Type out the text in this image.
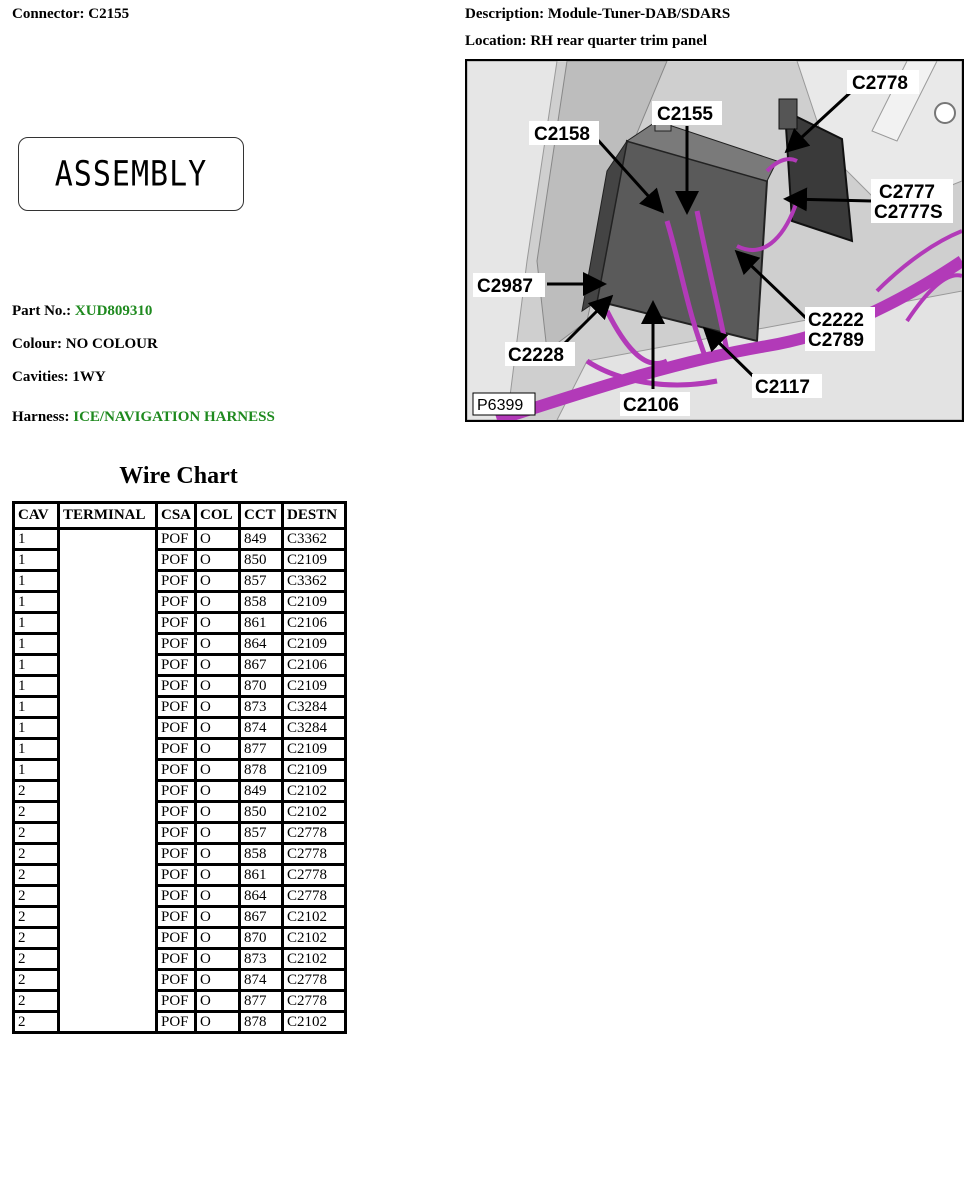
Connector: C2155	Description: Module-Tuner-DAB/SDARS
Location: RH rear quarter trim panel
ASSEMBLY
Part No.: XUD809310
Colour: NO COLOUR
Cavities: 1WY
Harness: ICE/NAVIGATION HARNESS
C2778
C2155
C2158
C2777
C2777S
C2987
C2222
C2789
C2228
C2117
C2106
P6399
Wire Chart
CAV	TERMINAL	CSA	COL	CCT	DESTN
1		POF	O	849	C3362
1		POF	O	850	C2109
1		POF	O	857	C3362
1		POF	O	858	C2109
1		POF	O	861	C2106
1		POF	O	864	C2109
1		POF	O	867	C2106
1		POF	O	870	C2109
1		POF	O	873	C3284
1		POF	O	874	C3284
1		POF	O	877	C2109
1		POF	O	878	C2109
2		POF	O	849	C2102
2		POF	O	850	C2102
2		POF	O	857	C2778
2		POF	O	858	C2778
2		POF	O	861	C2778
2		POF	O	864	C2778
2		POF	O	867	C2102
2		POF	O	870	C2102
2		POF	O	873	C2102
2		POF	O	874	C2778
2		POF	O	877	C2778
2		POF	O	878	C2102
